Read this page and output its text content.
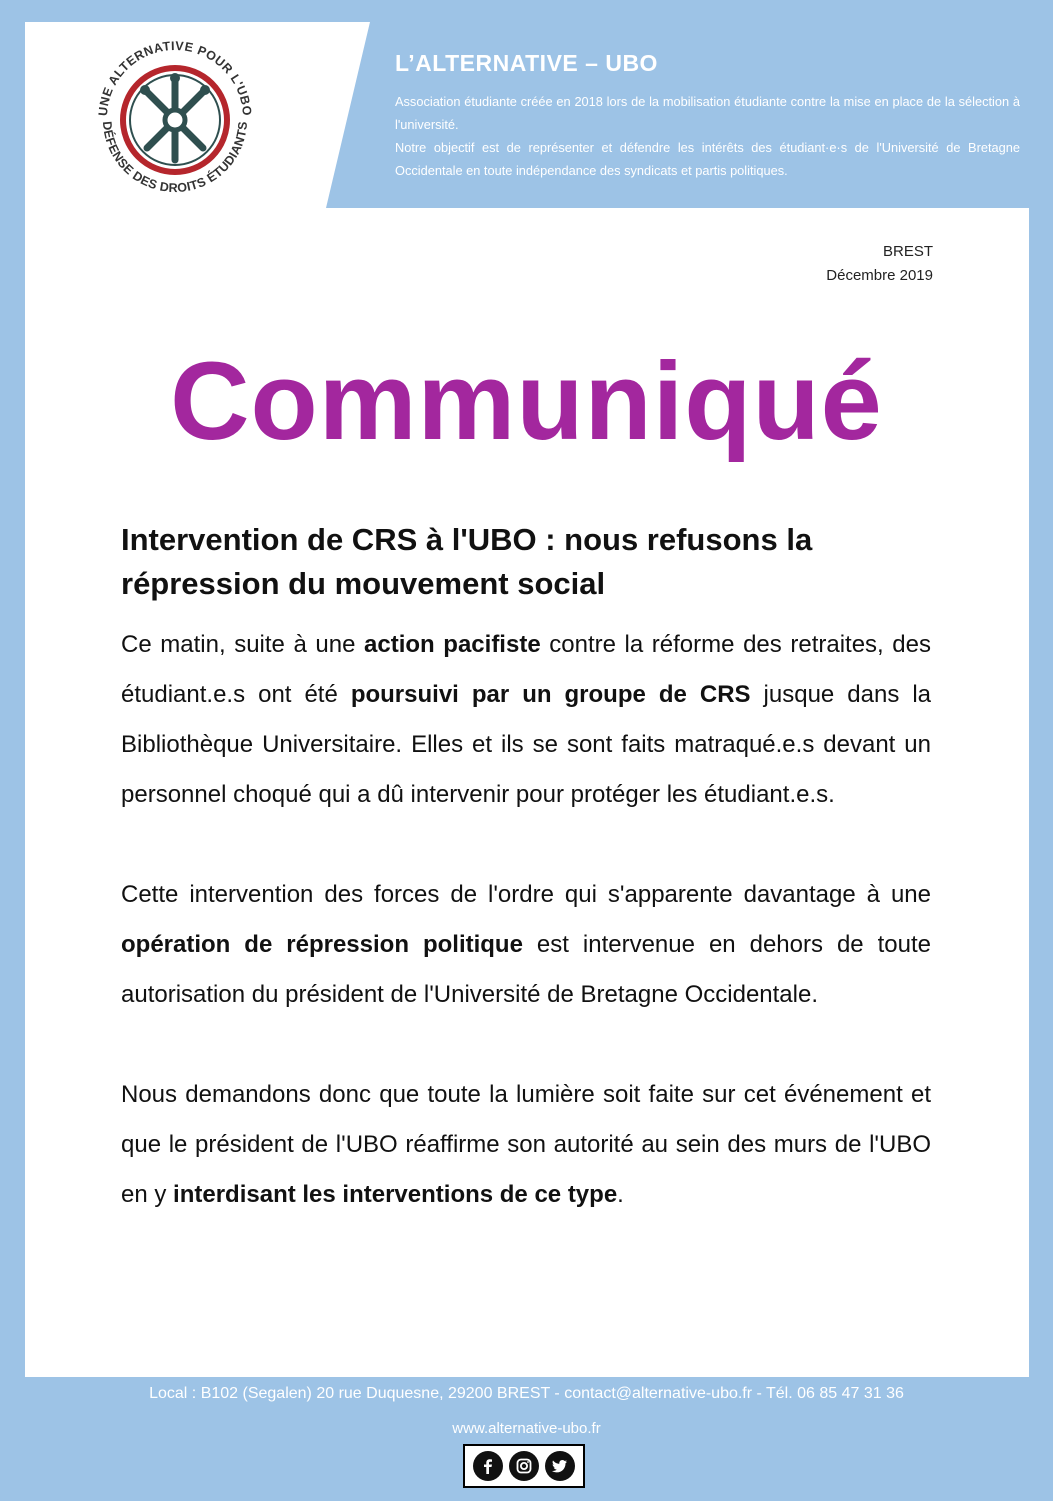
UNE ALTERNATIVE POUR L'UBO
DÉFENSE DES DROITS ÉTUDIANTS
L’ALTERNATIVE – UBO

Association étudiante créée en 2018 lors de la mobilisation étudiante contre la mise en place de la sélection à l'université.

Notre objectif est de représenter et défendre les intérêts des étudiant·e·s de l'Université de Bretagne Occidentale en toute indépendance des syndicats et partis politiques.

BREST
Décembre 2019
Communiqué
Intervention de CRS à l'UBO : nous refusons la répression du mouvement social

Ce matin, suite à une action pacifiste contre la réforme des retraites, des étudiant.e.s ont été poursuivi par un groupe de CRS jusque dans la Bibliothèque Universitaire. Elles et ils se sont faits matraqué.e.s devant un personnel choqué qui a dû intervenir pour protéger les étudiant.e.s.

Cette intervention des forces de l'ordre qui s'apparente davantage à une opération de répression politique est intervenue en dehors de toute autorisation du président de l'Université de Bretagne Occidentale.

Nous demandons donc que toute la lumière soit faite sur cet événement et que le président de l'UBO réaffirme son autorité au sein des murs de l'UBO en y interdisant les interventions de ce type.

Local : B102 (Segalen) 20 rue Duquesne, 29200 BREST - contact@alternative-ubo.fr - Tél. 06 85 47 31 36
www.alternative-ubo.fr
